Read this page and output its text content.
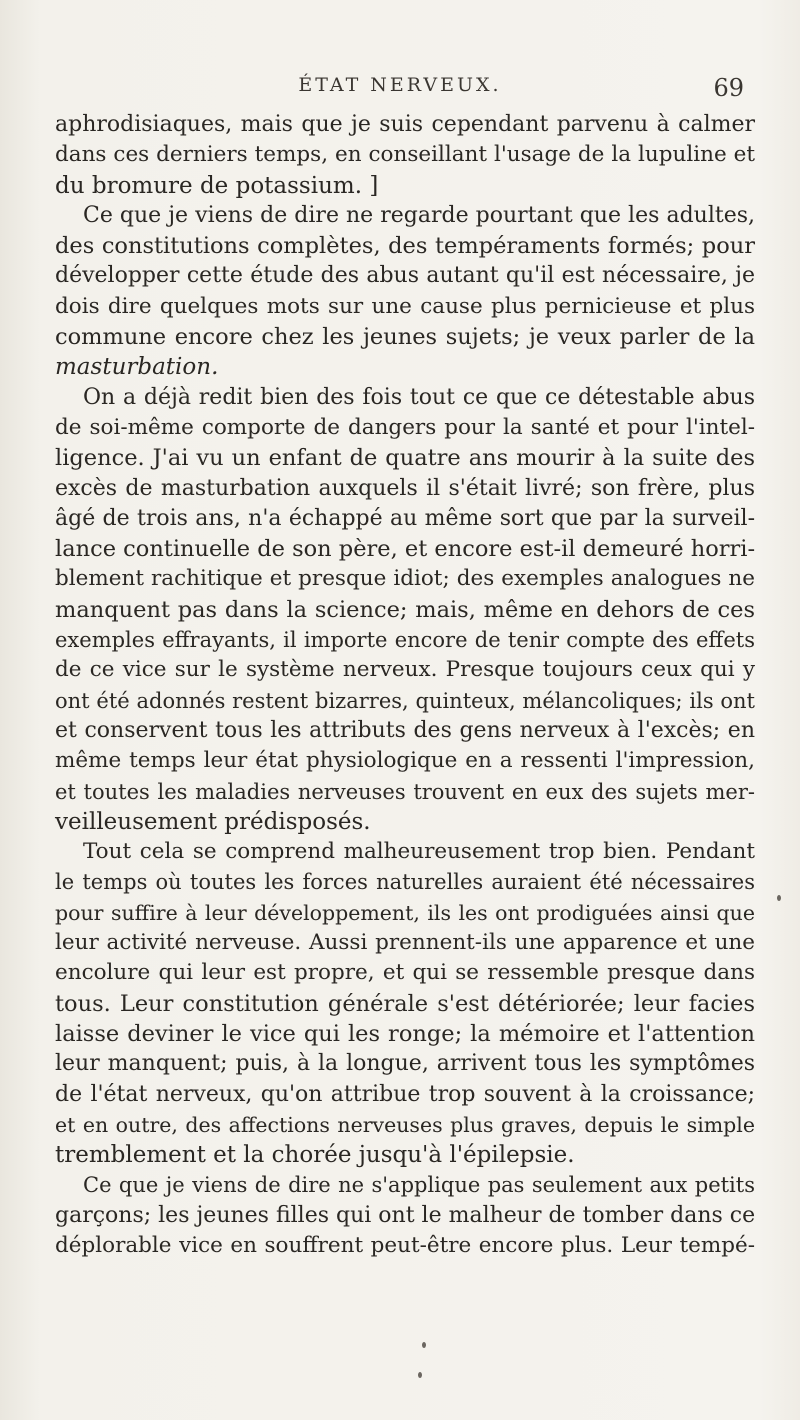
ÉTAT NERVEUX.	69
aphrodisiaques, mais que je suis cependant parvenu à calmer
dans ces derniers temps, en conseillant l'usage de la lupuline et
du bromure de potassium. ]
Ce que je viens de dire ne regarde pourtant que les adultes,
des constitutions complètes, des tempéraments formés; pour
développer cette étude des abus autant qu'il est nécessaire, je
dois dire quelques mots sur une cause plus pernicieuse et plus
commune encore chez les jeunes sujets; je veux parler de la
masturbation.
On a déjà redit bien des fois tout ce que ce détestable abus
de soi-même comporte de dangers pour la santé et pour l'intel-
ligence. J'ai vu un enfant de quatre ans mourir à la suite des
excès de masturbation auxquels il s'était livré; son frère, plus
âgé de trois ans, n'a échappé au même sort que par la surveil-
lance continuelle de son père, et encore est-il demeuré horri-
blement rachitique et presque idiot; des exemples analogues ne
manquent pas dans la science; mais, même en dehors de ces
exemples effrayants, il importe encore de tenir compte des effets
de ce vice sur le système nerveux. Presque toujours ceux qui y
ont été adonnés restent bizarres, quinteux, mélancoliques; ils ont
et conservent tous les attributs des gens nerveux à l'excès; en
même temps leur état physiologique en a ressenti l'impression,
et toutes les maladies nerveuses trouvent en eux des sujets mer-
veilleusement prédisposés.
Tout cela se comprend malheureusement trop bien. Pendant
le temps où toutes les forces naturelles auraient été nécessaires
pour suffire à leur développement, ils les ont prodiguées ainsi que
leur activité nerveuse. Aussi prennent-ils une apparence et une
encolure qui leur est propre, et qui se ressemble presque dans
tous. Leur constitution générale s'est détériorée; leur facies
laisse deviner le vice qui les ronge; la mémoire et l'attention
leur manquent; puis, à la longue, arrivent tous les symptômes
de l'état nerveux, qu'on attribue trop souvent à la croissance;
et en outre, des affections nerveuses plus graves, depuis le simple
tremblement et la chorée jusqu'à l'épilepsie.
Ce que je viens de dire ne s'applique pas seulement aux petits
garçons; les jeunes filles qui ont le malheur de tomber dans ce
déplorable vice en souffrent peut-être encore plus. Leur tempé-
